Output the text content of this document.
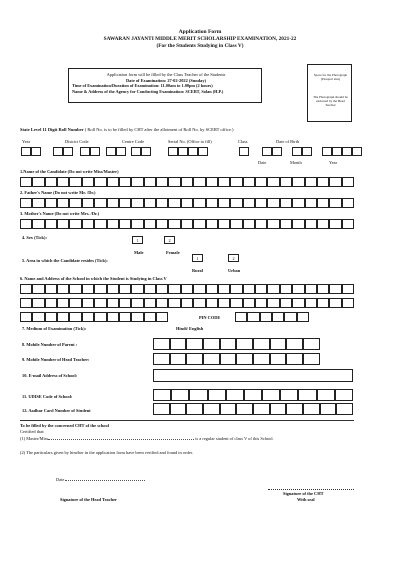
Application Form
SAWARAN JAYANTI MIDDLE MERIT SCHOLARSHIP EXAMINATION, 2021-22
(For the Students Studying in Class V)
Application form will be filled by the Class Teacher of the Students
Date of Examination: 27-02-2022 (Sunday)
Time of Examination/Duration of Examination: 11.00am to 1.00pm (2 hours)
Name & Address of the Agency for Conducting Examination: SCERT, Solan (H.P.)
Space for the Photograph (Passport size)
The Photograph should be endorsed by the Head Teacher
State Level 11 Digit Roll Number ( Roll No. is to be filled by CHT after the allotment of Roll No. by SCERT office.)
Year	District Code	Centre Code	Serial No. (Office to fill)	Class	Date of Birth
Date	Month	Year
1.Name of the Candidate (Do not write Miss/Master)
2. Father's Name (Do not write Mr. /Dr.)
3. Mother's Name (Do not write Mrs. /Dr.)
4. Sex (Tick):
1	2
Male	Female
5. Area in which the Candidate resides (Tick):	1	2
Rural	Urban
6. Name and Address of the School in which the Student is Studying in Class V
PIN CODE
7. Medium of Examination (Tick):	Hindi/ English
8. Mobile Number of Parent :
9. Mobile Number of Head Teacher:
10. E-mail Address of School:
11. UDISE Code of School:
12. Aadhar Card Number of Student
To be filled by the concerned CHT of the school
Certified that:
(1) Master/Miss	is a regular student of class V of this School.
(2) The particulars given by him/her in the application form have been verified and found in order.
Date
Signature of the CHT
With seal
Signature of the Head Teacher
